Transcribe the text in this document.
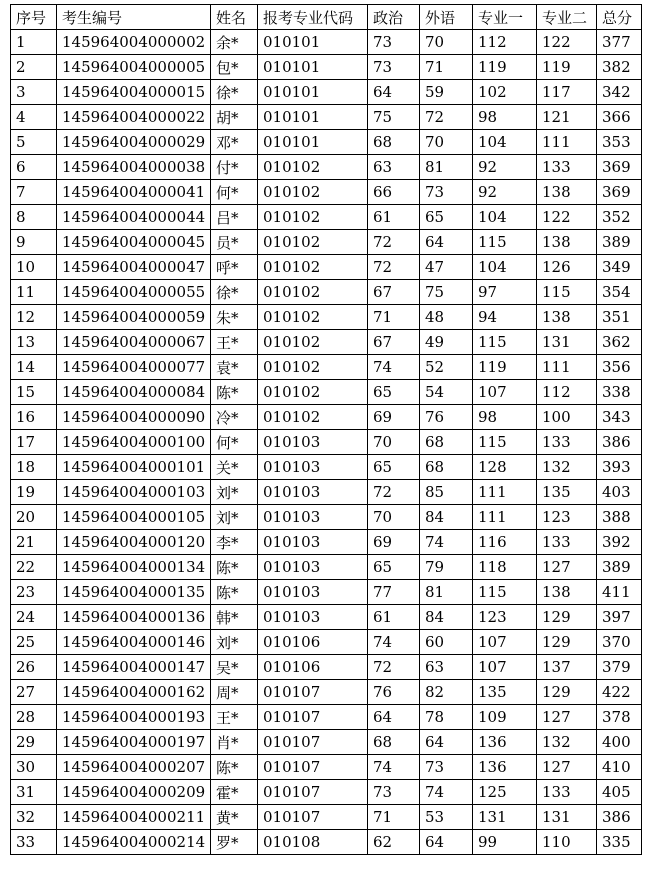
序号	考生编号	姓名	报考专业代码	政治	外语	专业一	专业二	总分
1	145964004000002	余*	010101	73	70	112	122	377
2	145964004000005	包*	010101	73	71	119	119	382
3	145964004000015	徐*	010101	64	59	102	117	342
4	145964004000022	胡*	010101	75	72	98	121	366
5	145964004000029	邓*	010101	68	70	104	111	353
6	145964004000038	付*	010102	63	81	92	133	369
7	145964004000041	何*	010102	66	73	92	138	369
8	145964004000044	吕*	010102	61	65	104	122	352
9	145964004000045	员*	010102	72	64	115	138	389
10	145964004000047	呼*	010102	72	47	104	126	349
11	145964004000055	徐*	010102	67	75	97	115	354
12	145964004000059	朱*	010102	71	48	94	138	351
13	145964004000067	王*	010102	67	49	115	131	362
14	145964004000077	袁*	010102	74	52	119	111	356
15	145964004000084	陈*	010102	65	54	107	112	338
16	145964004000090	冷*	010102	69	76	98	100	343
17	145964004000100	何*	010103	70	68	115	133	386
18	145964004000101	关*	010103	65	68	128	132	393
19	145964004000103	刘*	010103	72	85	111	135	403
20	145964004000105	刘*	010103	70	84	111	123	388
21	145964004000120	李*	010103	69	74	116	133	392
22	145964004000134	陈*	010103	65	79	118	127	389
23	145964004000135	陈*	010103	77	81	115	138	411
24	145964004000136	韩*	010103	61	84	123	129	397
25	145964004000146	刘*	010106	74	60	107	129	370
26	145964004000147	吴*	010106	72	63	107	137	379
27	145964004000162	周*	010107	76	82	135	129	422
28	145964004000193	王*	010107	64	78	109	127	378
29	145964004000197	肖*	010107	68	64	136	132	400
30	145964004000207	陈*	010107	74	73	136	127	410
31	145964004000209	霍*	010107	73	74	125	133	405
32	145964004000211	黄*	010107	71	53	131	131	386
33	145964004000214	罗*	010108	62	64	99	110	335
